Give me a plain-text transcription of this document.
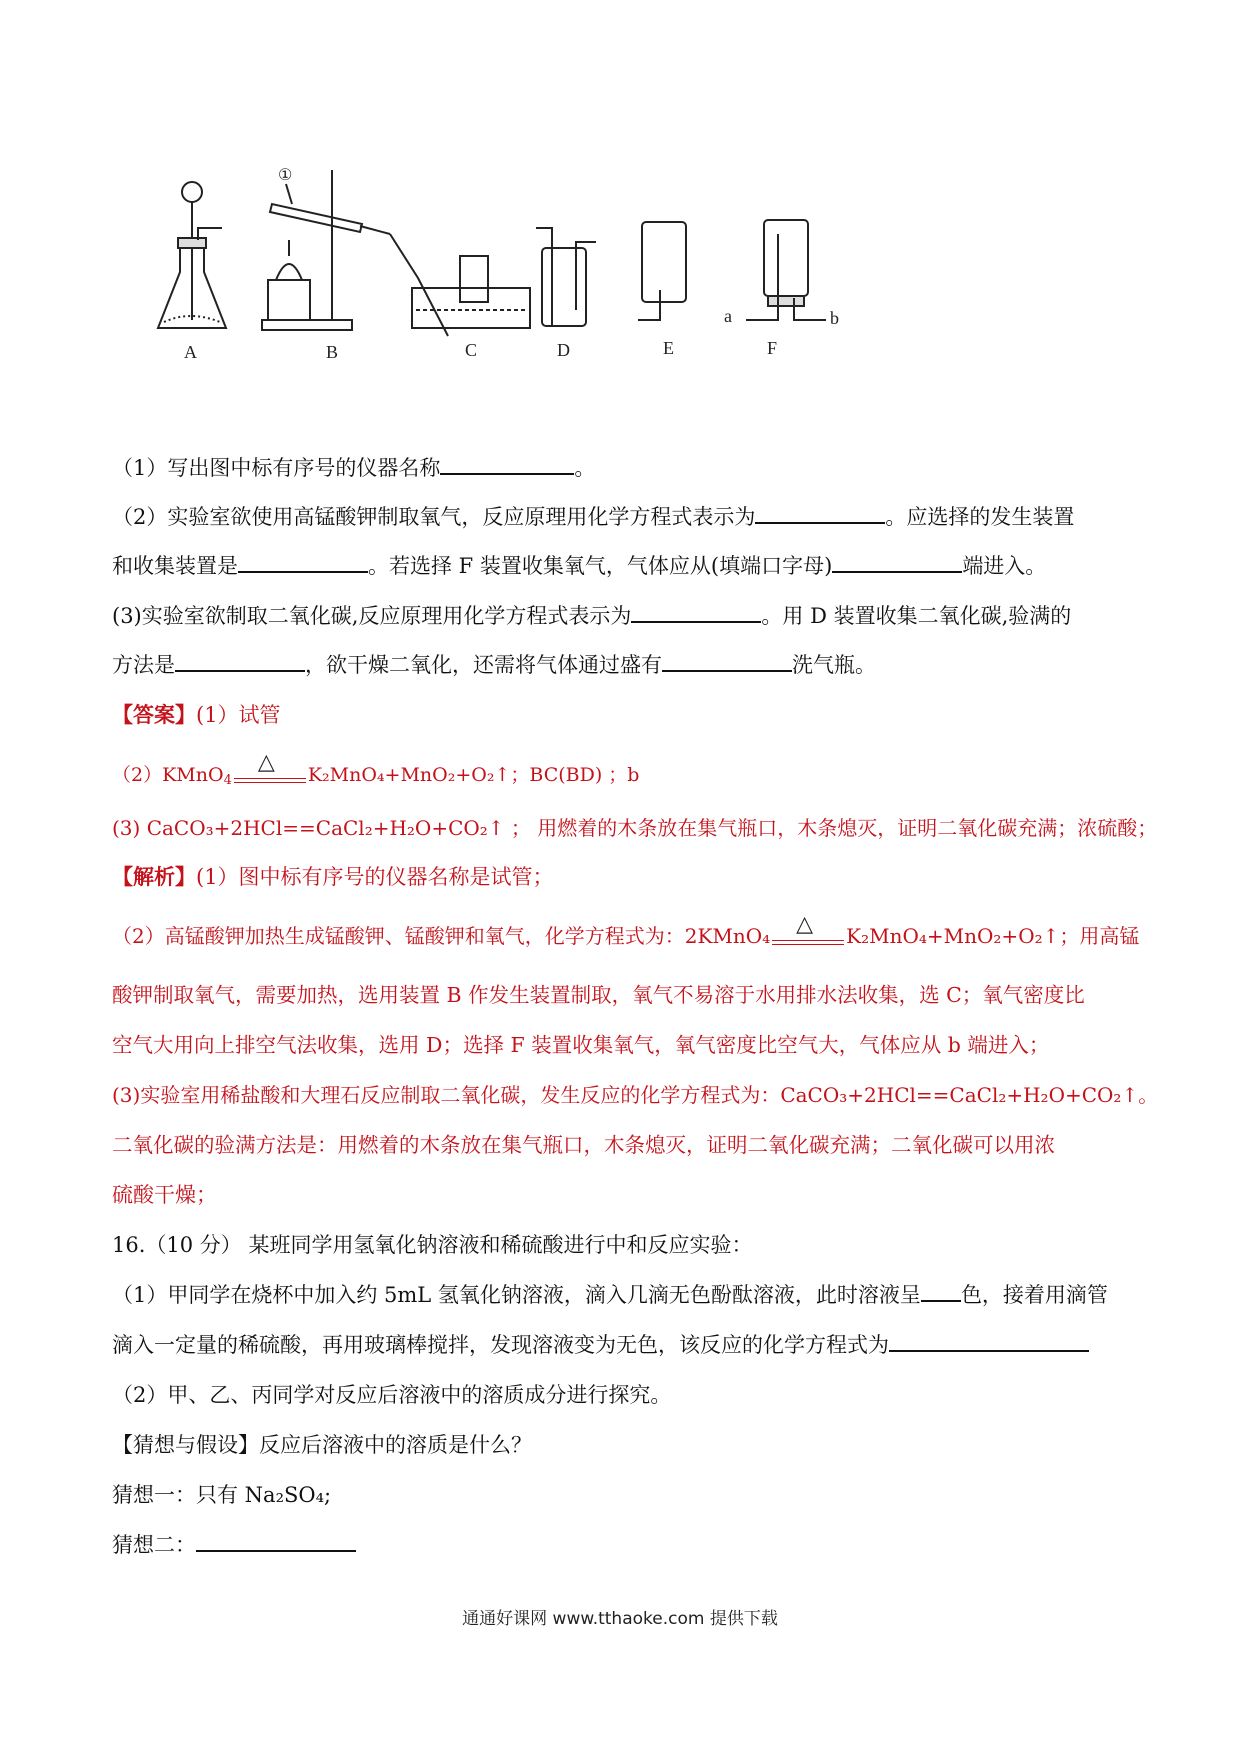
①
A	B	C	D	E	F
a	b
（1）写出图中标有序号的仪器名称	。
（2）实验室欲使用高锰酸钾制取氧气，反应原理用化学方程式表示为	。应选择的发生装置
和收集装置是	。若选择 F 装置收集氧气，气体应从(填端口字母)	端进入。
(3)实验室欲制取二氧化碳,反应原理用化学方程式表示为	。用 D 装置收集二氧化碳,验满的
方法是	，欲干燥二氧化，还需将气体通过盛有	洗气瓶。
【答案】(1）试管
（2）KMnO$_4$
△ K₂MnO₄+MnO₂+O₂↑；BC(BD) ；b
(3) CaCO₃+2HCl==CaCl₂+H₂O+CO₂↑ ； 用燃着的木条放在集气瓶口，木条熄灭，证明二氧化碳充满；浓硫酸；
【解析】(1）图中标有序号的仪器名称是试管；
（2）高锰酸钾加热生成锰酸钾、锰酸钾和氧气，化学方程式为：2KMnO₄ △ K₂MnO₄+MnO₂+O₂↑；用高锰
酸钾制取氧气，需要加热，选用装置 B 作发生装置制取，氧气不易溶于水用排水法收集，选 C；氧气密度比
空气大用向上排空气法收集，选用 D；选择 F 装置收集氧气，氧气密度比空气大，气体应从 b 端进入；
(3)实验室用稀盐酸和大理石反应制取二氧化碳，发生反应的化学方程式为：CaCO₃+2HCl==CaCl₂+H₂O+CO₂↑。
二氧化碳的验满方法是：用燃着的木条放在集气瓶口，木条熄灭，证明二氧化碳充满；二氧化碳可以用浓
硫酸干燥；
16.（10 分） 某班同学用氢氧化钠溶液和稀硫酸进行中和反应实验：
（1）甲同学在烧杯中加入约 5mL 氢氧化钠溶液，滴入几滴无色酚酞溶液，此时溶液呈 色，接着用滴管
滴入一定量的稀硫酸，再用玻璃棒搅拌，发现溶液变为无色，该反应的化学方程式为
（2）甲、乙、丙同学对反应后溶液中的溶质成分进行探究。
【猜想与假设】反应后溶液中的溶质是什么？
猜想一：只有 Na₂SO₄;
猜想二：
通通好课网 www.tthaoke.com 提供下载
